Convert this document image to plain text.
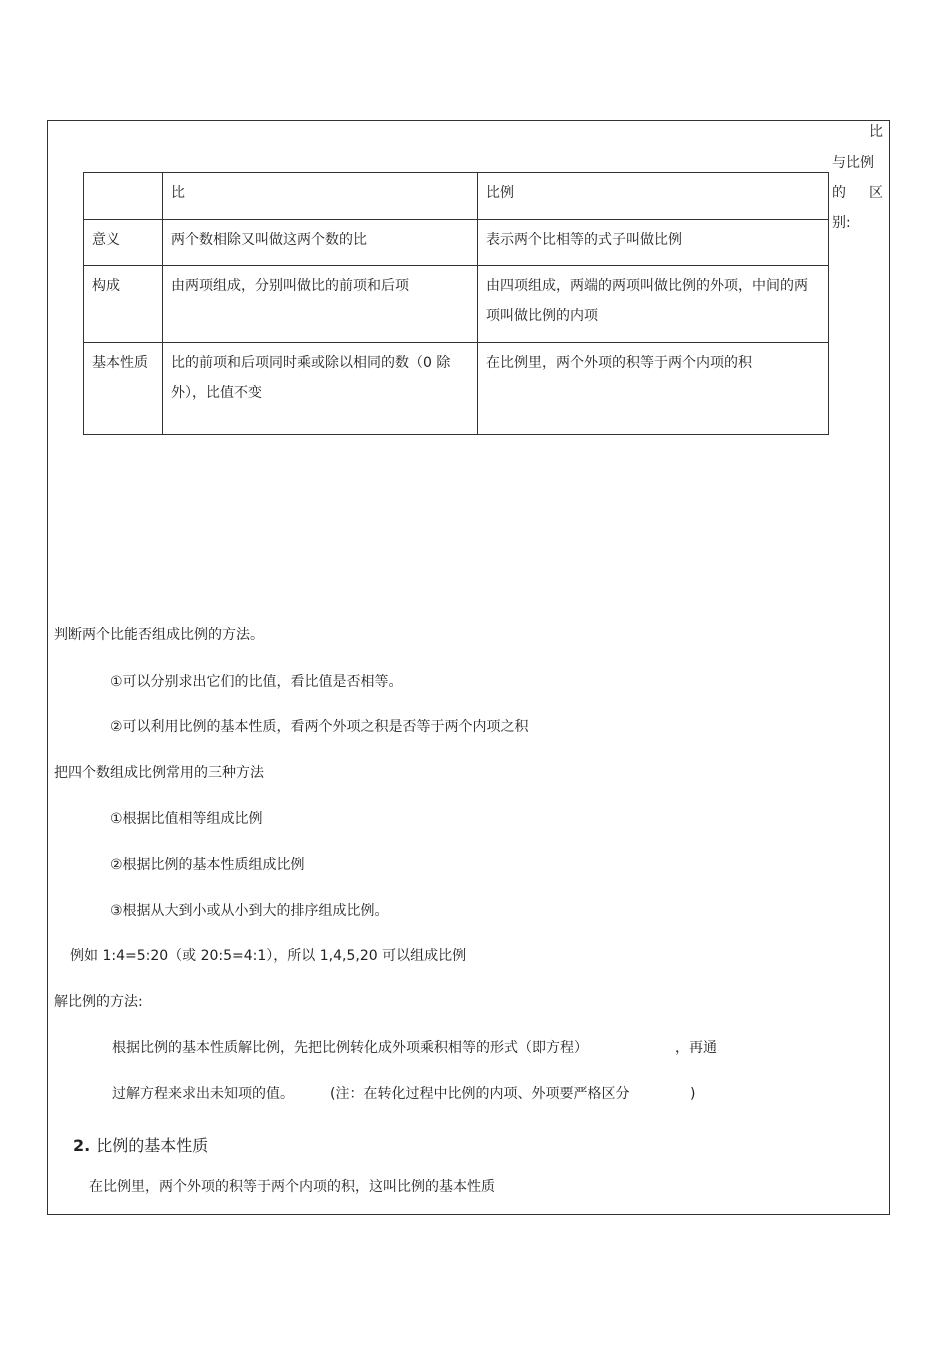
比
与比例
的 区
别:
	比	比例
意义	两个数相除又叫做这两个数的比	表示两个比相等的式子叫做比例
构成	由两项组成，分别叫做比的前项和后项	由四项组成，两端的两项叫做比例的外项，中间的两项叫做比例的内项
基本性质	比的前项和后项同时乘或除以相同的数（0 除外），比值不变	在比例里，两个外项的积等于两个内项的积
判断两个比能否组成比例的方法。
①可以分别求出它们的比值，看比值是否相等。
②可以利用比例的基本性质，看两个外项之积是否等于两个内项之积
把四个数组成比例常用的三种方法
①根据比值相等组成比例
②根据比例的基本性质组成比例
③根据从大到小或从小到大的排序组成比例。
例如 1:4=5:20（或 20:5=4:1），所以 1,4,5,20 可以组成比例
解比例的方法:
根据比例的基本性质解比例，先把比例转化成外项乘积相等的形式（即方程）	，再通
过解方程来求出未知项的值。	(注：在转化过程中比例的内项、外项要严格区分	)
2. 比例的基本性质
在比例里，两个外项的积等于两个内项的积，这叫比例的基本性质
